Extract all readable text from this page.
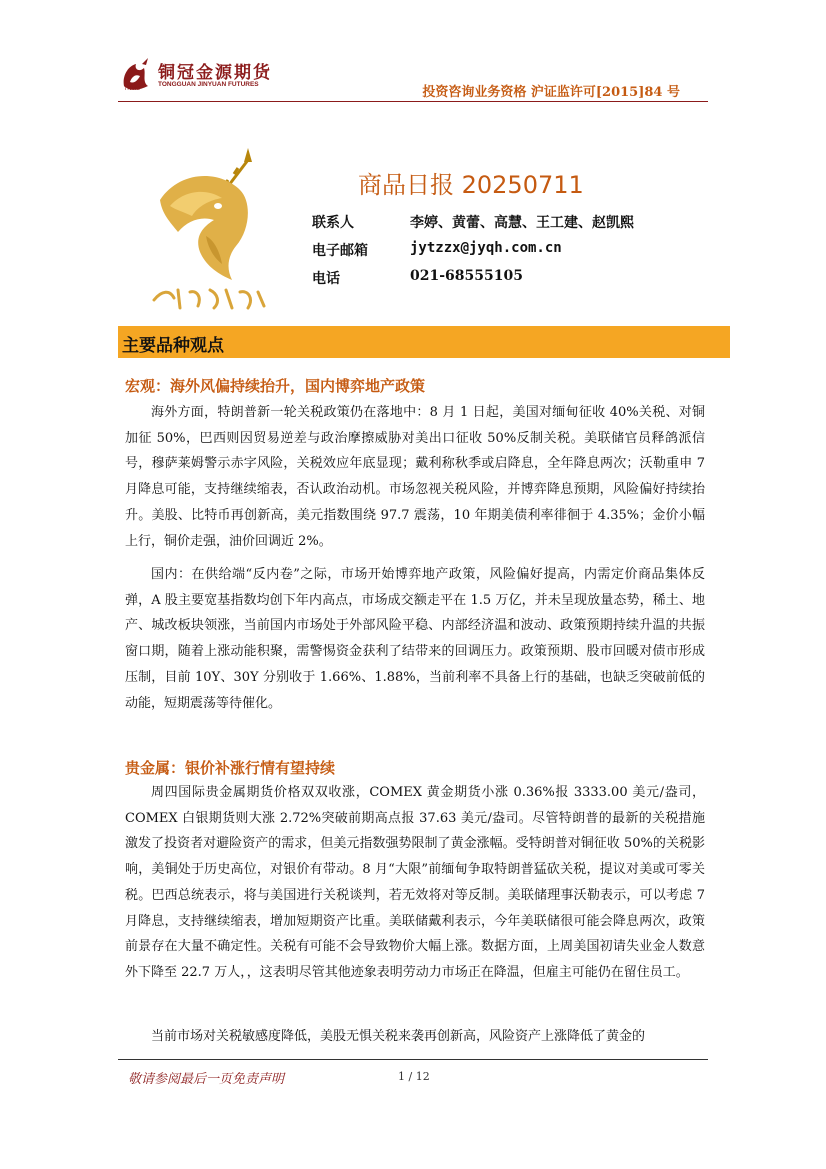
铜冠金源期货
TONGGUAN JINYUAN FUTURES
TNMG	投资咨询业务资格 沪证监许可[2015]84 号
商品日报 20250711
联系人	李婷、黄蕾、高慧、王工建、赵凯熙
电子邮箱	jytzzx@jyqh.com.cn
电话	021-68555105
主要品种观点
宏观：海外风偏持续抬升，国内博弈地产政策

海外方面，特朗普新一轮关税政策仍在落地中：8 月 1 日起，美国对缅甸征收 40%关税、对铜加征 50%，巴西则因贸易逆差与政治摩擦威胁对美出口征收 50%反制关税。美联储官员释鸽派信号，穆萨莱姆警示赤字风险，关税效应年底显现；戴利称秋季或启降息，全年降息两次；沃勒重申 7 月降息可能，支持继续缩表，否认政治动机。市场忽视关税风险，并博弈降息预期，风险偏好持续抬升。美股、比特币再创新高，美元指数围绕 97.7 震荡，10 年期美债利率徘徊于 4.35%；金价小幅上行，铜价走强，油价回调近 2%。

国内：在供给端“反内卷”之际，市场开始博弈地产政策，风险偏好提高，内需定价商品集体反弹，A 股主要宽基指数均创下年内高点，市场成交额走平在 1.5 万亿，并未呈现放量态势，稀土、地产、城改板块领涨，当前国内市场处于外部风险平稳、内部经济温和波动、政策预期持续升温的共振窗口期，随着上涨动能积聚，需警惕资金获利了结带来的回调压力。政策预期、股市回暖对债市形成压制，目前 10Y、30Y 分别收于 1.66%、1.88%，当前利率不具备上行的基础，也缺乏突破前低的动能，短期震荡等待催化。

贵金属：银价补涨行情有望持续

周四国际贵金属期货价格双双收涨，COMEX 黄金期货小涨 0.36%报 3333.00 美元/盎司，COMEX 白银期货则大涨 2.72%突破前期高点报 37.63 美元/盎司。尽管特朗普的最新的关税措施激发了投资者对避险资产的需求，但美元指数强势限制了黄金涨幅。受特朗普对铜征收 50%的关税影响，美铜处于历史高位，对银价有带动。8 月“大限”前缅甸争取特朗普猛砍关税，提议对美或可零关税。巴西总统表示，将与美国进行关税谈判，若无效将对等反制。美联储理事沃勒表示，可以考虑 7 月降息，支持继续缩表，增加短期资产比重。美联储戴利表示，今年美联储很可能会降息两次，政策前景存在大量不确定性。关税有可能不会导致物价大幅上涨。数据方面，上周美国初请失业金人数意外下降至 22.7 万人，，这表明尽管其他迹象表明劳动力市场正在降温，但雇主可能仍在留住员工。

当前市场对关税敏感度降低，美股无惧关税来袭再创新高，风险资产上涨降低了黄金的

敬请参阅最后一页免责声明	1 / 12
